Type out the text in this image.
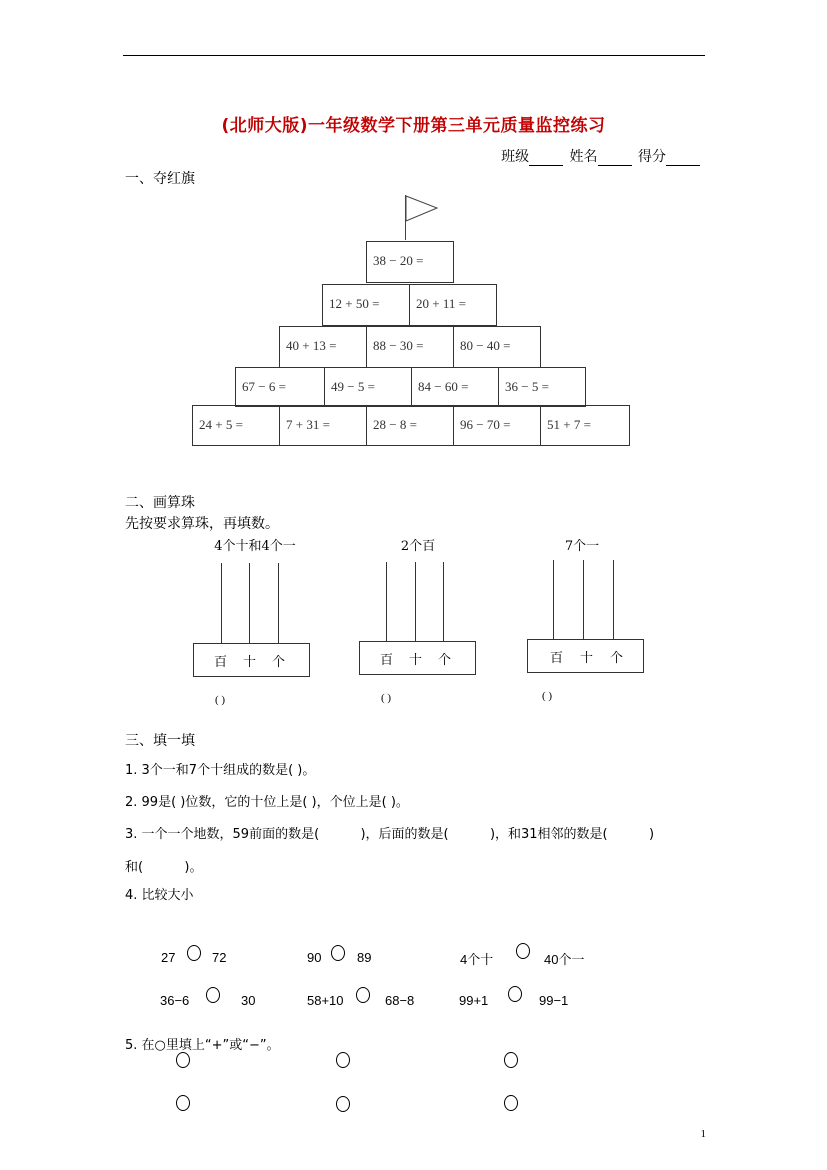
(北师大版)一年级数学下册第三单元质量监控练习
班级	姓名	得分
一、夺红旗
38 − 20 =
12 + 50 =	20 + 11 =
40 + 13 =	88 − 30 =	80 − 40 =
67 − 6 =	49 − 5 =	84 − 60 =	36 − 5 =
24 + 5 =	7 + 31 =	28 − 8 =	96 − 70 =	51 + 7 =
二、画算珠
先按要求算珠，再填数。
4个十和4个一
百 十 个
( )
2个百
百 十 个
( )
7个一
百 十 个
( )
三、填一填
1. 3个一和7个十组成的数是( )。
2. 99是( )位数，它的十位上是( )，个位上是( )。
3. 一个一个地数，59前面的数是(          )，后面的数是(          )，和31相邻的数是(          )
和(          )。
4. 比较大小
27	72	90	89	4个十	40个一
36−6	30	58+10	68−8	99+1	99−1
5. 在○里填上“+”或“−”。
1
